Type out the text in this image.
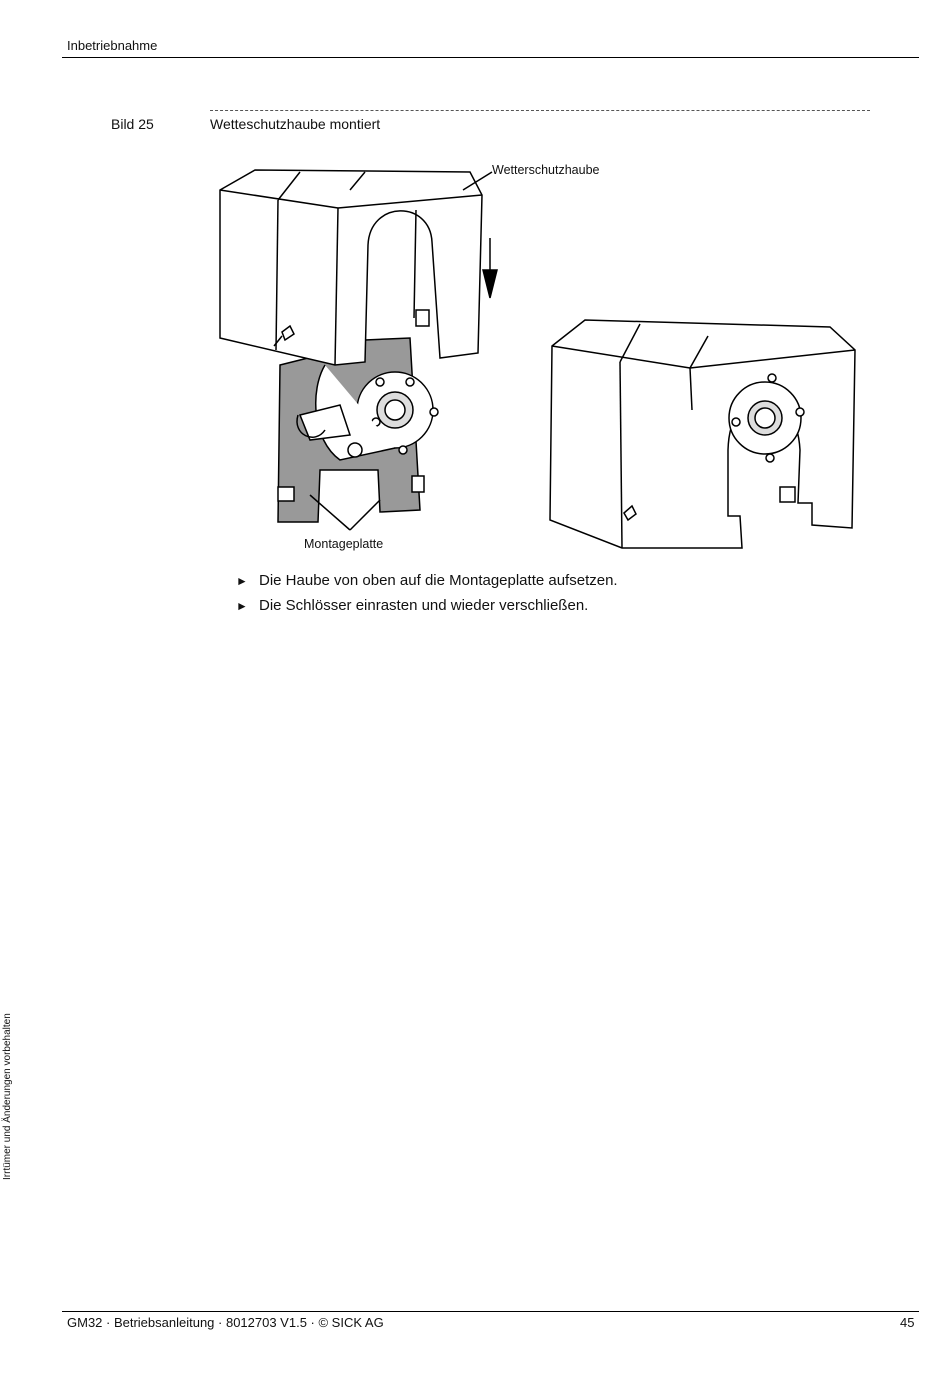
Inbetriebnahme
Bild 25	Wetteschutzhaube montiert
Wetterschutzhaube
Montageplatte
► Die Haube von oben auf die Montageplatte aufsetzen.
► Die Schlösser einrasten und wieder verschließen.
Irrtümer und Änderungen vorbehalten
GM32 · Betriebsanleitung · 8012703 V1.5 · © SICK AG	45
